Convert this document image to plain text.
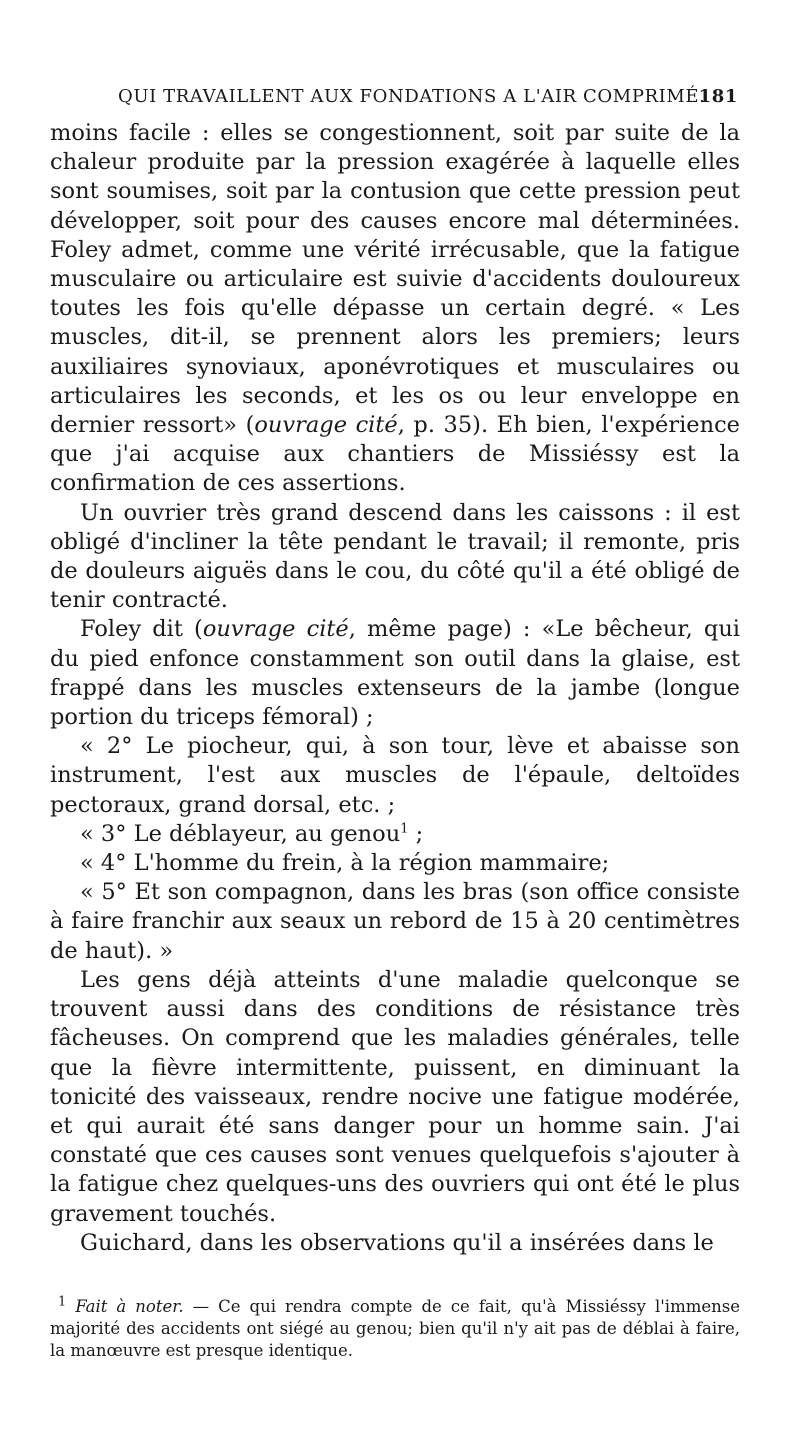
QUI TRAVAILLENT AUX FONDATIONS A L'AIR COMPRIMÉ.
181

moins facile : elles se congestionnent, soit par suite de la chaleur produite par la pression exagérée à laquelle elles sont soumises, soit par la contusion que cette pression peut développer, soit pour des causes encore mal déterminées. Foley admet, comme une vérité irrécusable, que la fatigue musculaire ou articulaire est suivie d'accidents douloureux toutes les fois qu'elle dépasse un certain degré. « Les muscles, dit-il, se prennent alors les premiers; leurs auxiliaires synoviaux, aponévrotiques et musculaires ou articulaires les seconds, et les os ou leur enveloppe en dernier ressort» (ouvrage cité, p. 35). Eh bien, l'expérience que j'ai acquise aux chantiers de Missiéssy est la confirmation de ces assertions.

Un ouvrier très grand descend dans les caissons : il est obligé d'incliner la tête pendant le travail; il remonte, pris de douleurs aiguës dans le cou, du côté qu'il a été obligé de tenir contracté.

Foley dit (ouvrage cité, même page) : «Le bêcheur, qui du pied enfonce constamment son outil dans la glaise, est frappé dans les muscles extenseurs de la jambe (longue portion du triceps fémoral) ;

« 2° Le piocheur, qui, à son tour, lève et abaisse son instrument, l'est aux muscles de l'épaule, deltoïdes pectoraux, grand dorsal, etc. ;

« 3° Le déblayeur, au genou$^1$ ;

« 4° L'homme du frein, à la région mammaire;

« 5° Et son compagnon, dans les bras (son office consiste à faire franchir aux seaux un rebord de 15 à 20 centimètres de haut). »

Les gens déjà atteints d'une maladie quelconque se trouvent aussi dans des conditions de résistance très fâcheuses. On comprend que les maladies générales, telle que la fièvre intermittente, puissent, en diminuant la tonicité des vaisseaux, rendre nocive une fatigue modérée, et qui aurait été sans danger pour un homme sain. J'ai constaté que ces causes sont venues quelquefois s'ajouter à la fatigue chez quelques-uns des ouvriers qui ont été le plus gravement touchés.

Guichard, dans les observations qu'il a insérées dans le

$^1$ Fait à noter. — Ce qui rendra compte de ce fait, qu'à Missiéssy l'immense majorité des accidents ont siégé au genou; bien qu'il n'y ait pas de déblai à faire, la manœuvre est presque identique.
